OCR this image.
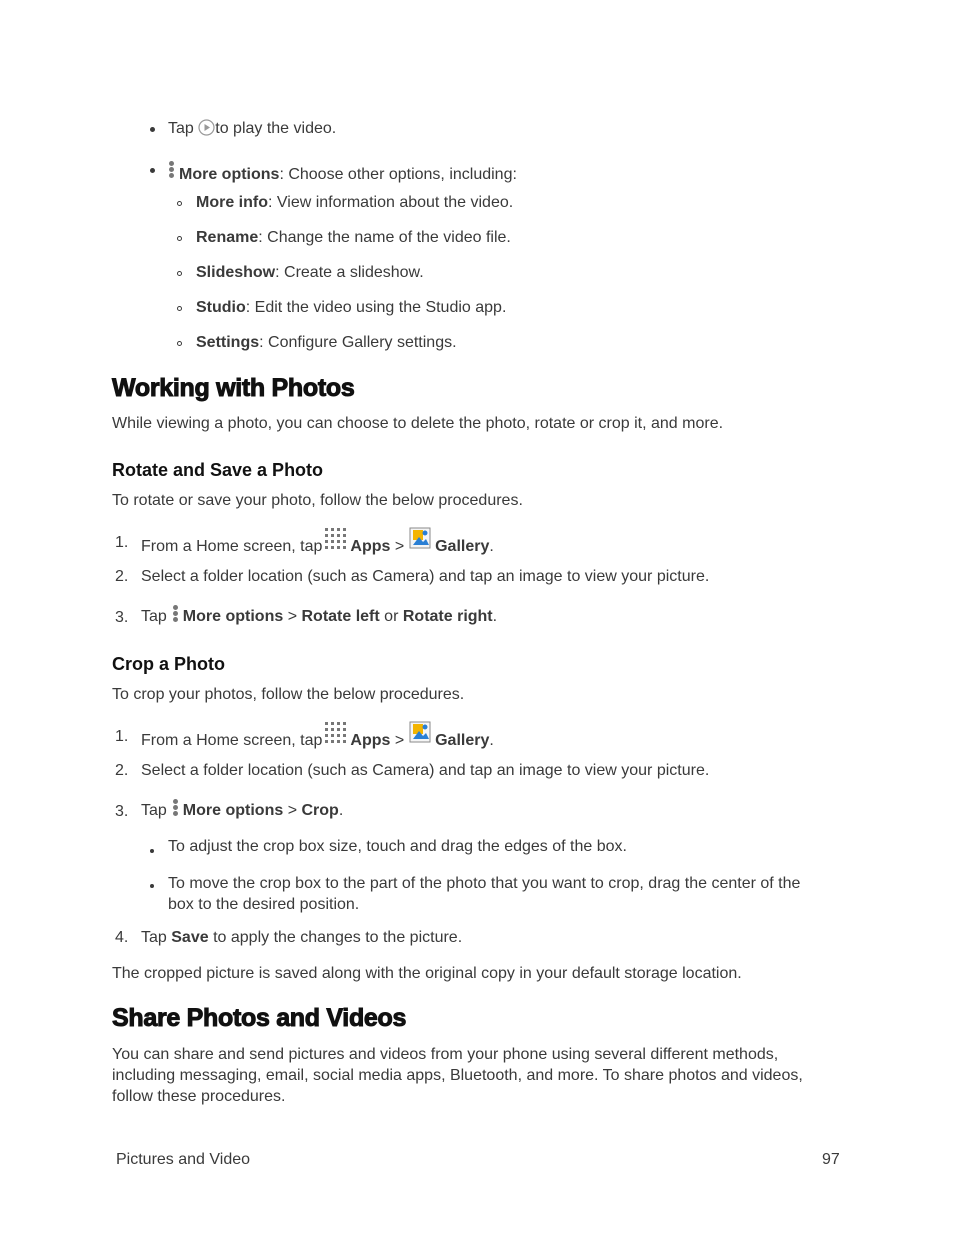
Tap to play the video.
More options: Choose other options, including:
More info: View information about the video.
Rename: Change the name of the video file.
Slideshow: Create a slideshow.
Studio: Edit the video using the Studio app.
Settings: Configure Gallery settings.
Working with Photos
While viewing a photo, you can choose to delete the photo, rotate or crop it, and more.
Rotate and Save a Photo
To rotate or save your photo, follow the below procedures.
1. From a Home screen, tap Apps > Gallery.
2. Select a folder location (such as Camera) and tap an image to view your picture.
3. Tap More options > Rotate left or Rotate right.
Crop a Photo
To crop your photos, follow the below procedures.
1. From a Home screen, tap Apps > Gallery.
2. Select a folder location (such as Camera) and tap an image to view your picture.
3. Tap More options > Crop.
To adjust the crop box size, touch and drag the edges of the box.
To move the crop box to the part of the photo that you want to crop, drag the center of the box to the desired position.
4. Tap Save to apply the changes to the picture.
The cropped picture is saved along with the original copy in your default storage location.
Share Photos and Videos
You can share and send pictures and videos from your phone using several different methods, including messaging, email, social media apps, Bluetooth, and more. To share photos and videos, follow these procedures.
Pictures and Video	97
